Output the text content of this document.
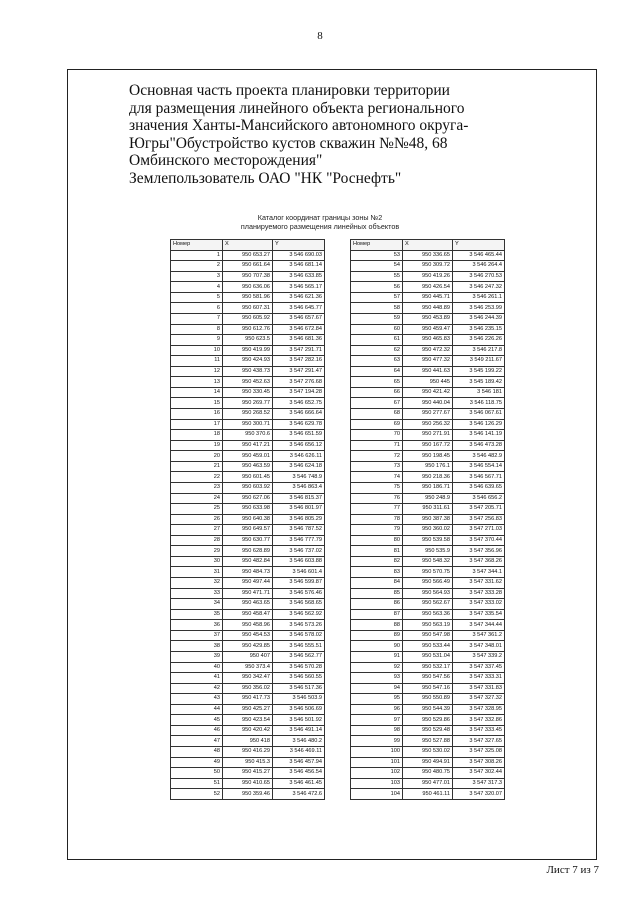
8
Основная часть проекта планировки территории
для размещения линейного объекта регионального
значения Ханты-Мансийского автономного округа-
Югры"Обустройство кустов скважин №№48, 68
Омбинского месторождения"
Землепользователь ОАО "НК "Роснефть"
Каталог координат границы зоны №2
планируемого размещения линейных объектов
Номер	X	Y
1	950 653.27	3 546 690.03
2	950 661.64	3 546 681.14
3	950 707.38	3 546 633.85
4	950 636.06	3 546 565.17
5	950 581.96	3 546 621.36
6	950 607.31	3 546 645.77
7	950 605.92	3 546 657.67
8	950 612.76	3 546 672.84
9	950 623.5	3 546 681.36
10	950 419.99	3 547 291.71
11	950 424.93	3 547 282.16
12	950 438.73	3 547 291.47
13	950 452.63	3 547 276.68
14	950 330.45	3 547 194.28
15	950 269.77	3 546 652.75
16	950 268.52	3 546 666.64
17	950 300.71	3 546 629.78
18	950 370.6	3 546 651.59
19	950 417.21	3 546 656.12
20	950 459.01	3 546 626.11
21	950 463.59	3 546 624.18
22	950 601.45	3 546 748.9
23	950 603.92	3 546 863.4
24	950 627.06	3 546 815.37
25	950 633.98	3 546 801.97
26	950 640.38	3 546 805.29
27	950 649.57	3 546 787.52
28	950 630.77	3 546 777.79
29	950 628.89	3 546 737.02
30	950 482.84	3 546 603.88
31	950 484.73	3 546 601.4
32	950 497.44	3 546 599.87
33	950 471.71	3 546 576.46
34	950 463.65	3 546 568.65
35	950 458.47	3 546 562.92
36	950 458.96	3 546 573.26
37	950 454.53	3 546 578.02
38	950 429.85	3 546 555.51
39	950 407	3 546 562.77
40	950 373.4	3 546 570.28
41	950 342.47	3 546 560.55
42	950 356.02	3 546 517.36
43	950 417.73	3 546 503.9
44	950 425.27	3 546 506.69
45	950 423.54	3 546 501.92
46	950 420.42	3 546 491.14
47	950 418	3 546 480.2
48	950 416.29	3 546 469.11
49	950 415.3	3 546 457.94
50	950 415.27	3 546 456.54
51	950 410.65	3 546 461.45
52	950 359.46	3 546 472.6
Номер	X	Y
53	950 336.65	3 546 465.44
54	950 309.72	3 546 264.4
55	950 419.26	3 546 270.53
56	950 426.54	3 546 247.32
57	950 445.71	3 546 261.1
58	950 448.89	3 546 253.99
59	950 453.89	3 546 244.39
60	950 459.47	3 546 235.15
61	950 465.83	3 546 226.26
62	950 472.32	3 546 217.8
63	950 477.32	3 549 211.67
64	950 441.63	3 545 199.22
65	950 445	3 545 189.42
66	950 421.42	3 546 181
67	950 440.04	3 546 118.75
68	950 277.67	3 546 067.61
69	950 256.32	3 546 126.29
70	950 271.91	3 546 141.19
71	950 167.72	3 546 473.28
72	950 198.45	3 546 482.9
73	950 176.1	3 546 554.14
74	950 218.36	3 546 567.71
75	950 186.71	3 546 639.65
76	950 248.9	3 546 656.2
77	950 311.61	3 547 205.71
78	950 387.38	3 547 256.83
79	950 360.02	3 547 271.03
80	950 539.58	3 547 370.44
81	950 535.9	3 547 356.96
82	950 548.32	3 547 368.26
83	950 570.75	3 547 344.1
84	950 566.49	3 547 331.62
85	950 564.93	3 547 333.28
86	950 562.67	3 547 333.02
87	950 563.36	3 547 335.54
88	950 563.19	3 547 344.44
89	950 547.98	3 547 361.2
90	950 533.44	3 547 348.01
91	950 531.04	3 547 339.2
92	950 532.17	3 547 337.45
93	950 547.56	3 547 333.31
94	950 547.16	3 547 331.83
95	950 550.89	3 547 327.32
96	950 544.39	3 547 328.95
97	950 529.86	3 547 332.86
98	950 529.48	3 547 333.45
99	950 527.88	3 547 327.65
100	950 530.02	3 547 325.08
101	950 494.91	3 547 308.26
102	950 480.75	3 547 302.44
103	950 477.01	3 547 317.3
104	950 461.11	3 547 320.07
Лист 7 из 7
